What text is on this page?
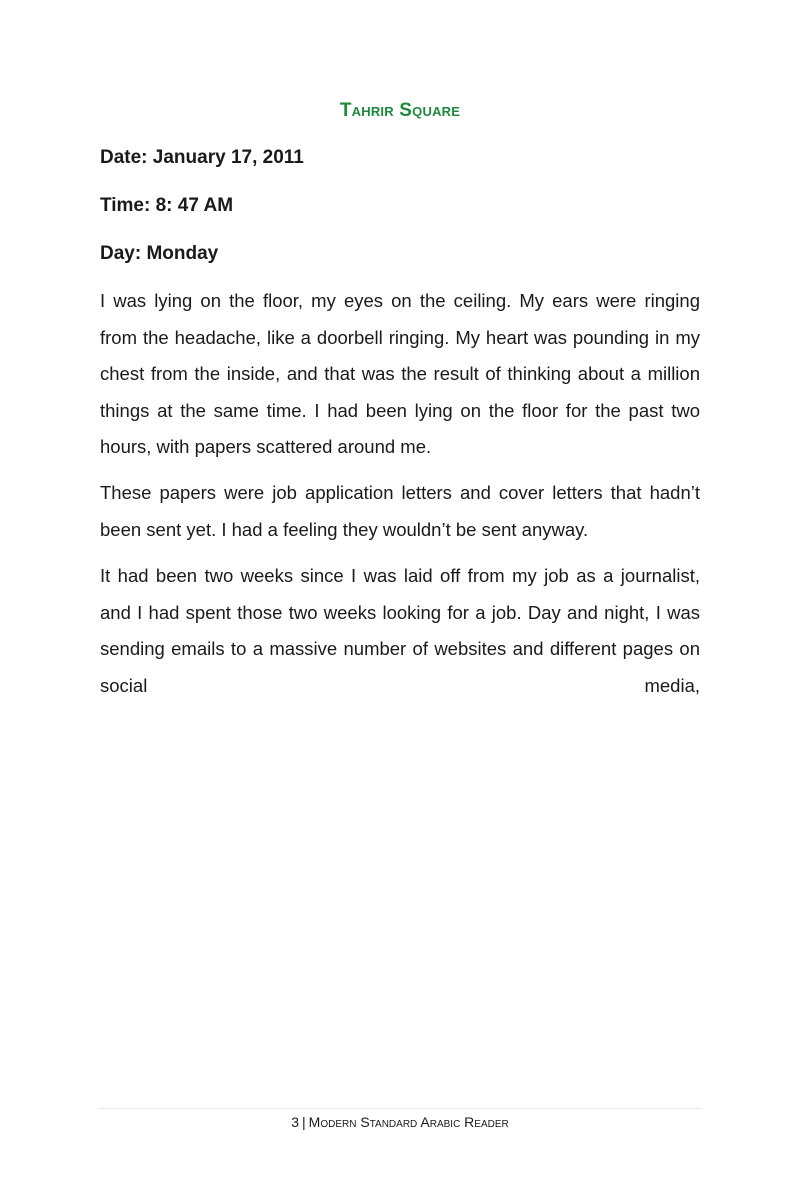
Tahrir Square
Date: January 17, 2011
Time: 8: 47 AM
Day: Monday

I was lying on the floor, my eyes on the ceiling. My ears were ringing from the headache, like a doorbell ringing. My heart was pounding in my chest from the inside, and that was the result of thinking about a million things at the same time. I had been lying on the floor for the past two hours, with papers scattered around me.

These papers were job application letters and cover letters that hadn’t been sent yet. I had a feeling they wouldn’t be sent anyway.

It had been two weeks since I was laid off from my job as a journalist, and I had spent those two weeks looking for a job. Day and night, I was sending emails to a massive number of websites and different pages on social media,

3 | Modern Standard Arabic Reader
